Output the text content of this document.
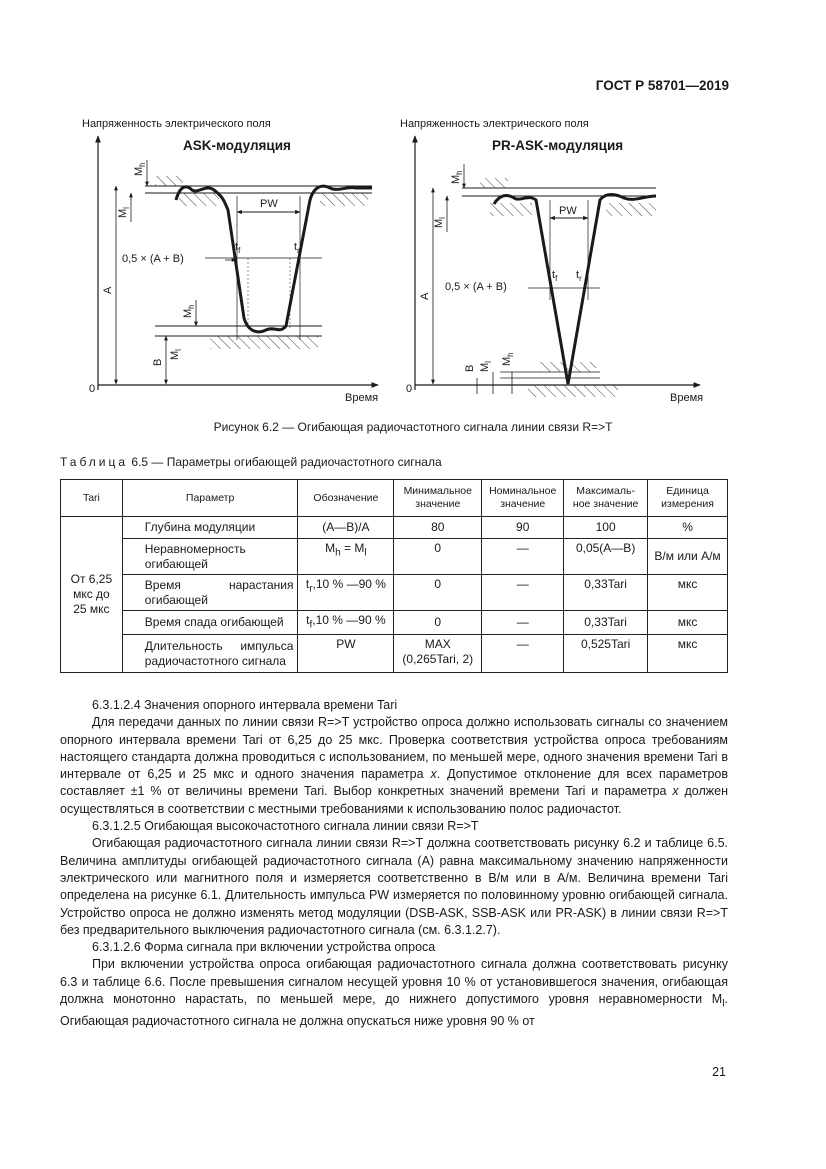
ГОСТ Р 58701—2019
Напряженность электрического поля
ASK-модуляция
0
Время
PW
0,5 × (A + B)
$t_f$	$t_r$
A
$M_l$
$M_h$
B
$M_l$
$M_h$
Напряженность электрического поля
PR-ASK-модуляция
0
Время
PW
0,5 × (A + B)
$t_f$ $t_r$
A
$M_l$
$M_h$
B $M_l$ $M_h$
Рисунок 6.2 — Огибающая радиочастотного сигнала линии связи R=>T
Таблица 6.5 — Параметры огибающей радиочастотного сигнала
Tari	Параметр	Обозначение	Минимальное значение	Номинальное значение	Максималь-ное значение	Единица измерения
От 6,25 мкс до 25 мкс	Глубина модуляции	(A—B)/A	80	90	100	%
	Неравномерность огибающей	$M_h = M_l$	0	—	0,05(A—B)	В/м или А/м
	Время нарастания огибающей	$t_r,10$ % —90 %	0	—	0,33Tari	мкс
	Время спада огибающей	$t_f,10$ % —90 %	0	—	0,33Tari	мкс
	Длительность импульса радиочастотного сигнала	PW	MAX (0,265Tari, 2)	—	0,525Tari	мкс

6.3.1.2.4 Значения опорного интервала времени Tari

Для передачи данных по линии связи R=>T устройство опроса должно использовать сигналы со значением опорного интервала времени Tari от 6,25 до 25 мкс. Проверка соответствия устройства опроса требованиям настоящего стандарта должна проводиться с использованием, по меньшей мере, одного значения времени Tari в интервале от 6,25 и 25 мкс и одного значения параметра x. Допустимое отклонение для всех параметров составляет ±1 % от величины времени Tari. Выбор конкретных значений времени Tari и параметра x должен осуществляться в соответствии с местными требованиями к использованию полос радиочастот.

6.3.1.2.5 Огибающая высокочастотного сигнала линии связи R=>T

Огибающая радиочастотного сигнала линии связи R=>T должна соответствовать рисунку 6.2 и таблице 6.5. Величина амплитуды огибающей радиочастотного сигнала (A) равна максимальному значению напряженности электрического или магнитного поля и измеряется соответственно в В/м или в А/м. Величина времени Tari определена на рисунке 6.1. Длительность импульса PW измеряется по половинному уровню огибающей сигнала. Устройство опроса не должно изменять метод модуляции (DSB-ASK, SSB-ASK или PR-ASK) в линии связи R=>T без предварительного выключения радиочастотного сигнала (см. 6.3.1.2.7).

6.3.1.2.6 Форма сигнала при включении устройства опроса

При включении устройства опроса огибающая радиочастотного сигнала должна соответствовать рисунку 6.3 и таблице 6.6. После превышения сигналом несущей уровня 10 % от установившегося значения, огибающая должна монотонно нарастать, по меньшей мере, до нижнего допустимого уровня неравномерности $M_l$. Огибающая радиочастотного сигнала не должна опускаться ниже уровня 90 % от

21
